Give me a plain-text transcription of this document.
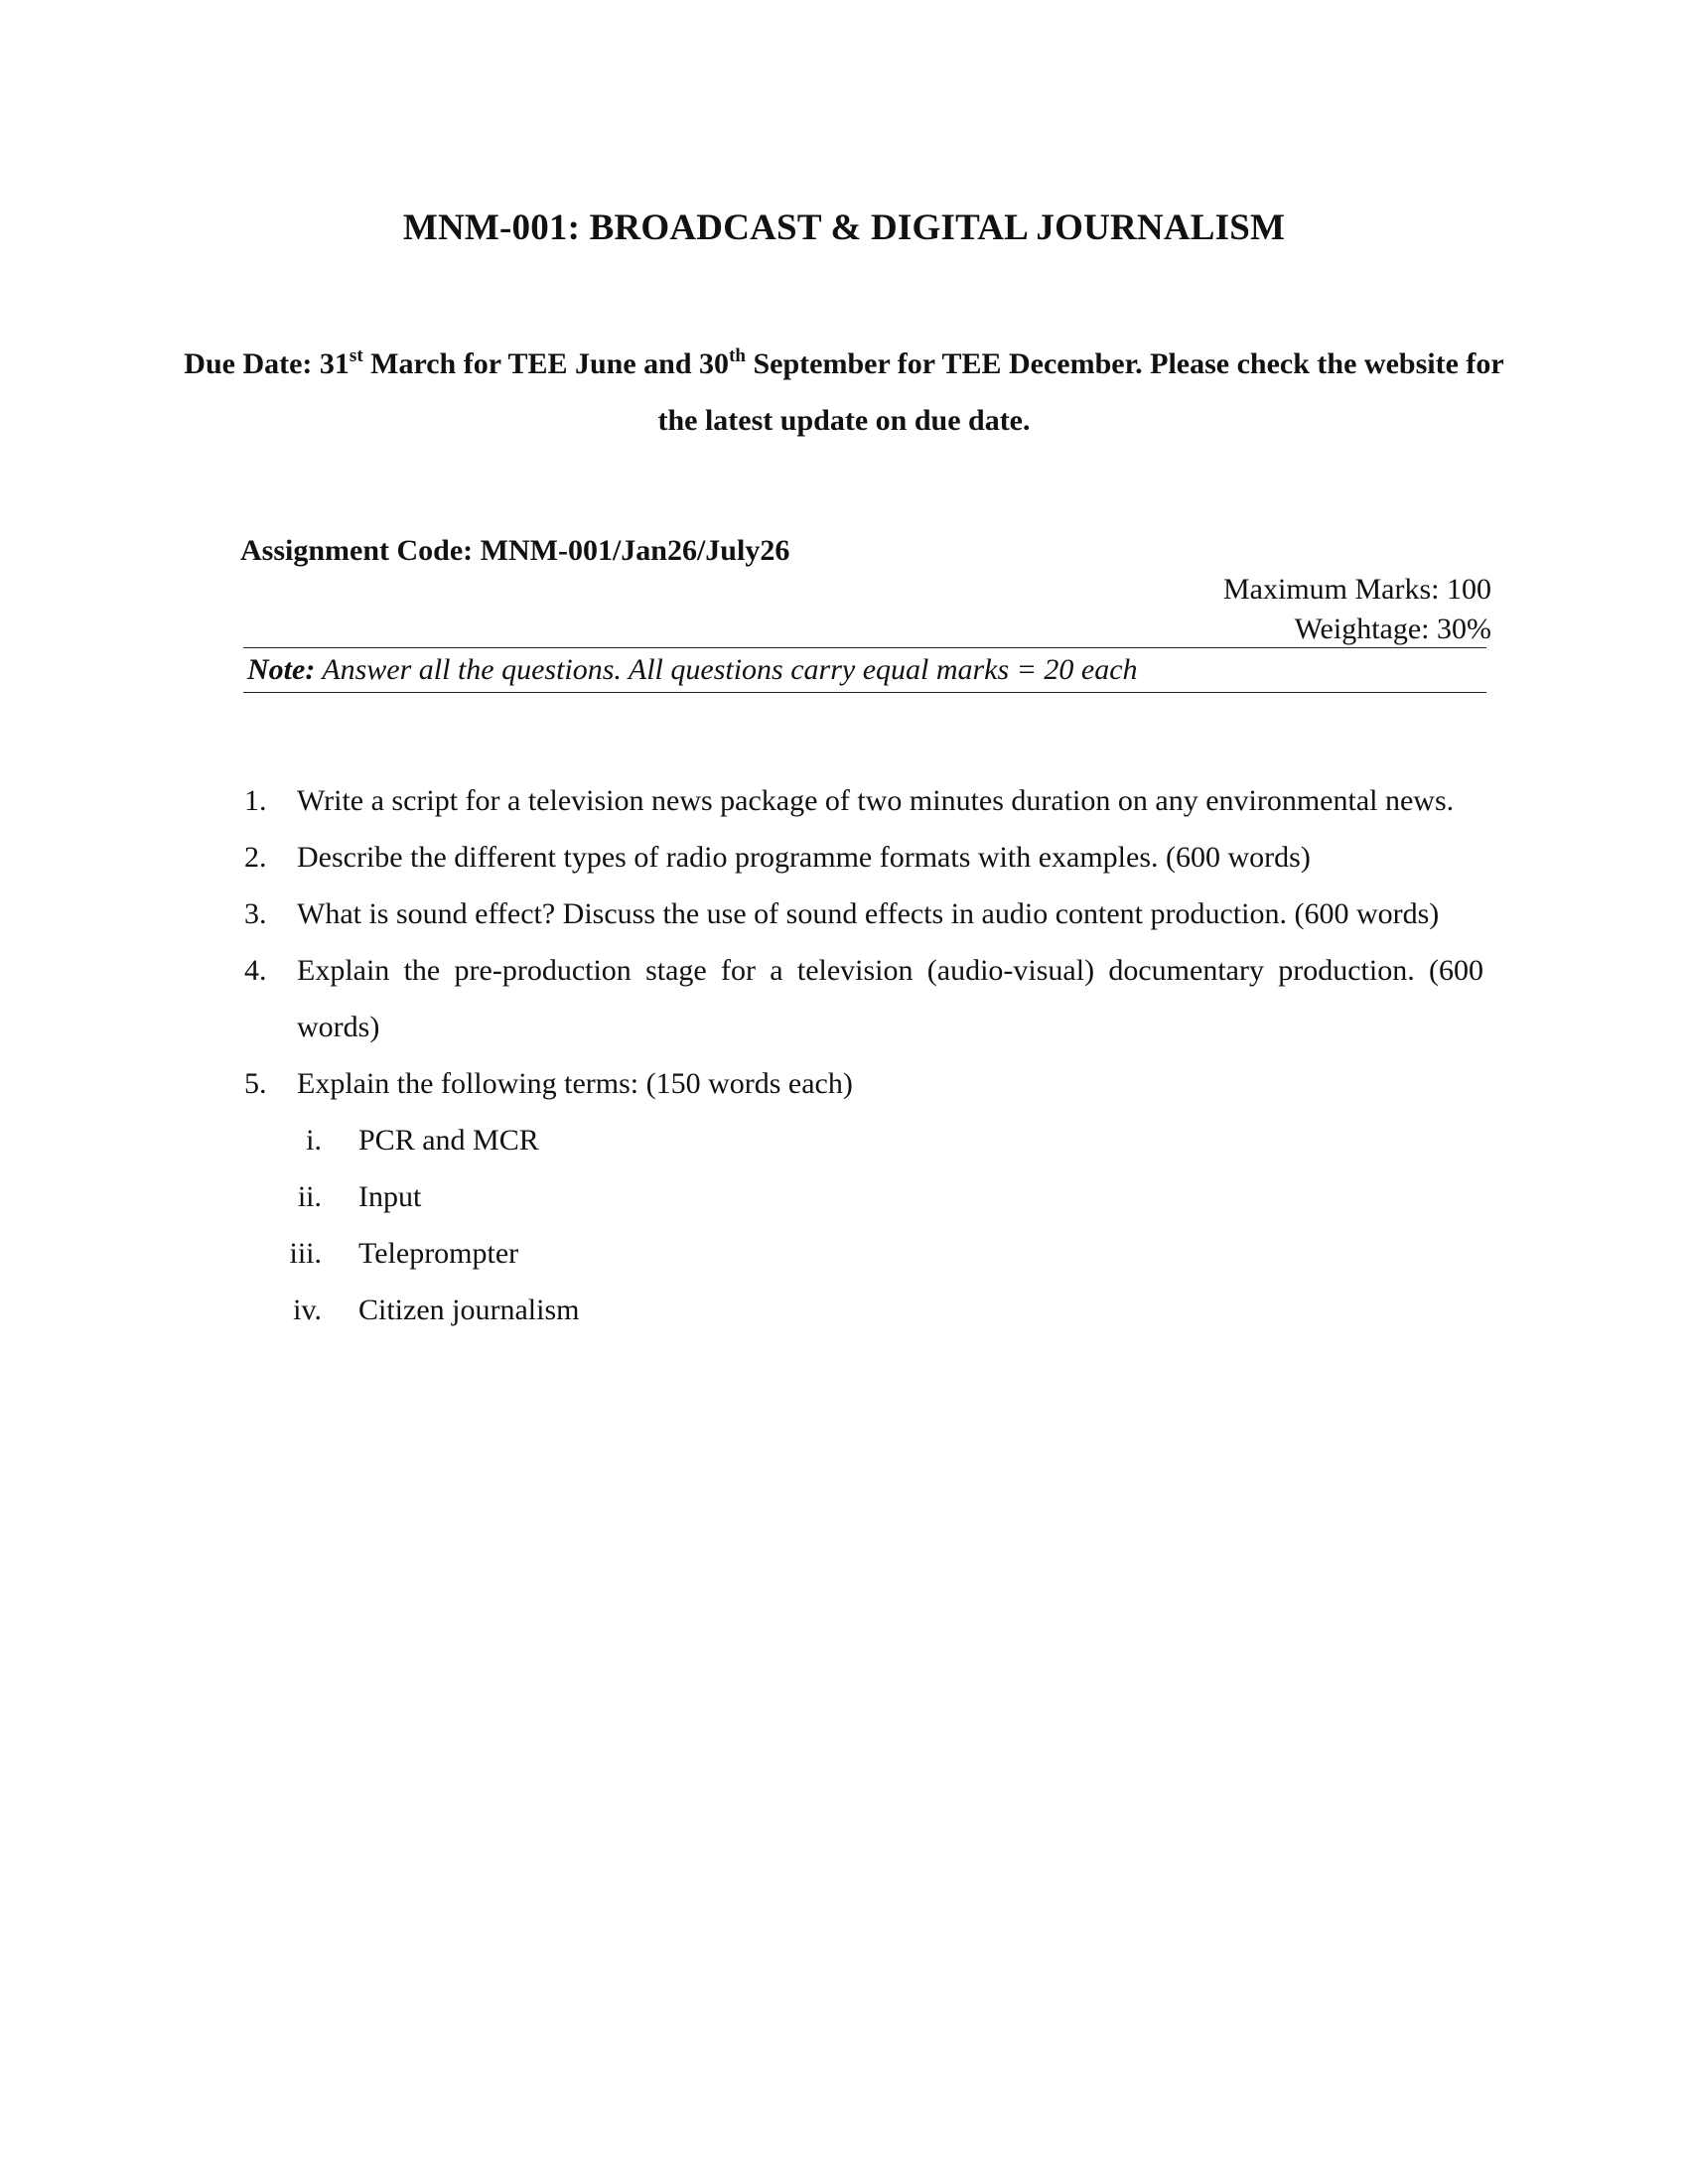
MNM-001: BROADCAST & DIGITAL JOURNALISM
Due Date: 31st March for TEE June and 30th September for TEE December. Please check the website for the latest update on due date.
Assignment Code: MNM-001/Jan26/July26
Maximum Marks: 100
Weightage: 30%
Note: Answer all the questions. All questions carry equal marks = 20 each
1. Write a script for a television news package of two minutes duration on any environmental news.
2. Describe the different types of radio programme formats with examples. (600 words)
3. What is sound effect? Discuss the use of sound effects in audio content production. (600 words)
4. Explain the pre-production stage for a television (audio-visual) documentary production. (600 words)
5. Explain the following terms: (150 words each)
i. PCR and MCR
ii. Input
iii. Teleprompter
iv. Citizen journalism
